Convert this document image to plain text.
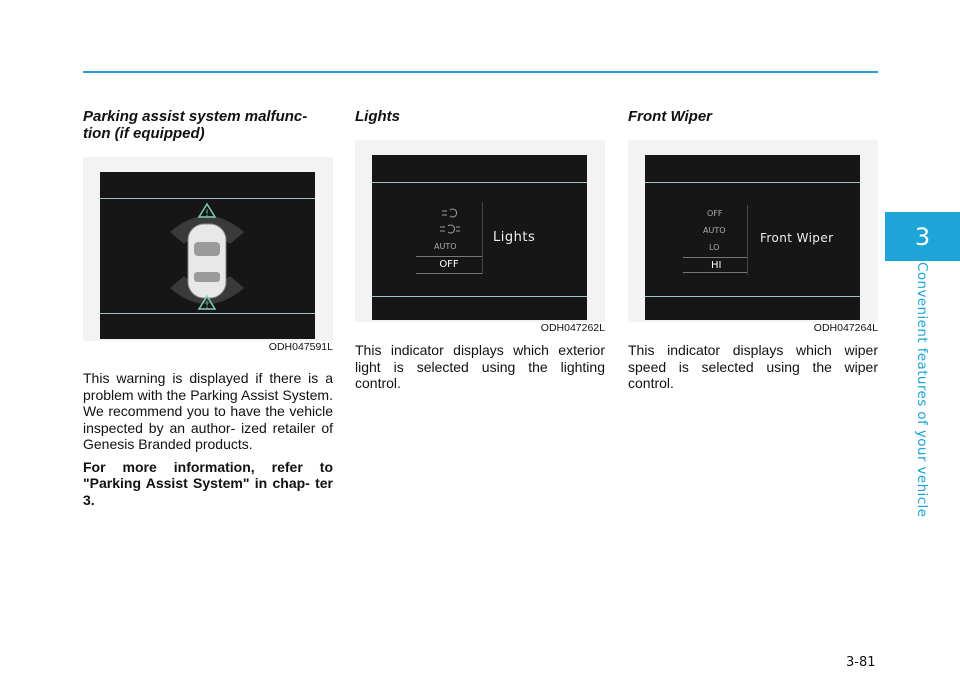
3
Convenient features of your vehicle
Parking assist system malfunc-
tion (if equipped)
!
!
ODH047591L

This warning is displayed if there is a problem with the Parking Assist System. We recommend you to have the vehicle inspected by an author- ized retailer of Genesis Branded products.

For more information, refer to "Parking Assist System" in chap- ter 3.

Lights
AUTO
OFF
Lights
ODH047262L

This indicator displays which exterior light is selected using the lighting control.

Front Wiper
OFF
AUTO
LO
HI
Front Wiper
ODH047264L

This indicator displays which wiper speed is selected using the wiper control.

3-81
